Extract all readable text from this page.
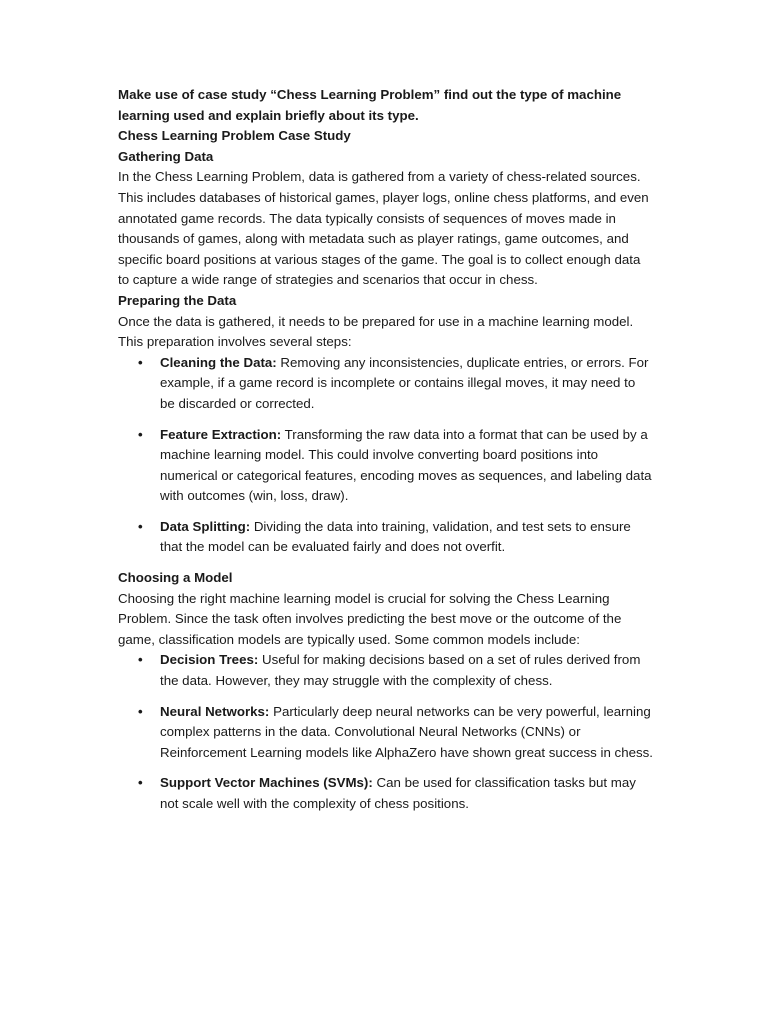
Make use of case study “Chess Learning Problem” find out the type of machine learning used and explain briefly about its type.

Chess Learning Problem Case Study

Gathering Data

In the Chess Learning Problem, data is gathered from a variety of chess-related sources. This includes databases of historical games, player logs, online chess platforms, and even annotated game records. The data typically consists of sequences of moves made in thousands of games, along with metadata such as player ratings, game outcomes, and specific board positions at various stages of the game. The goal is to collect enough data to capture a wide range of strategies and scenarios that occur in chess.

Preparing the Data

Once the data is gathered, it needs to be prepared for use in a machine learning model. This preparation involves several steps:

• Cleaning the Data: Removing any inconsistencies, duplicate entries, or errors. For example, if a game record is incomplete or contains illegal moves, it may need to be discarded or corrected.
• Feature Extraction: Transforming the raw data into a format that can be used by a machine learning model. This could involve converting board positions into numerical or categorical features, encoding moves as sequences, and labeling data with outcomes (win, loss, draw).
• Data Splitting: Dividing the data into training, validation, and test sets to ensure that the model can be evaluated fairly and does not overfit.

Choosing a Model

Choosing the right machine learning model is crucial for solving the Chess Learning Problem. Since the task often involves predicting the best move or the outcome of the game, classification models are typically used. Some common models include:

• Decision Trees: Useful for making decisions based on a set of rules derived from the data. However, they may struggle with the complexity of chess.
• Neural Networks: Particularly deep neural networks can be very powerful, learning complex patterns in the data. Convolutional Neural Networks (CNNs) or Reinforcement Learning models like AlphaZero have shown great success in chess.
• Support Vector Machines (SVMs): Can be used for classification tasks but may not scale well with the complexity of chess positions.
